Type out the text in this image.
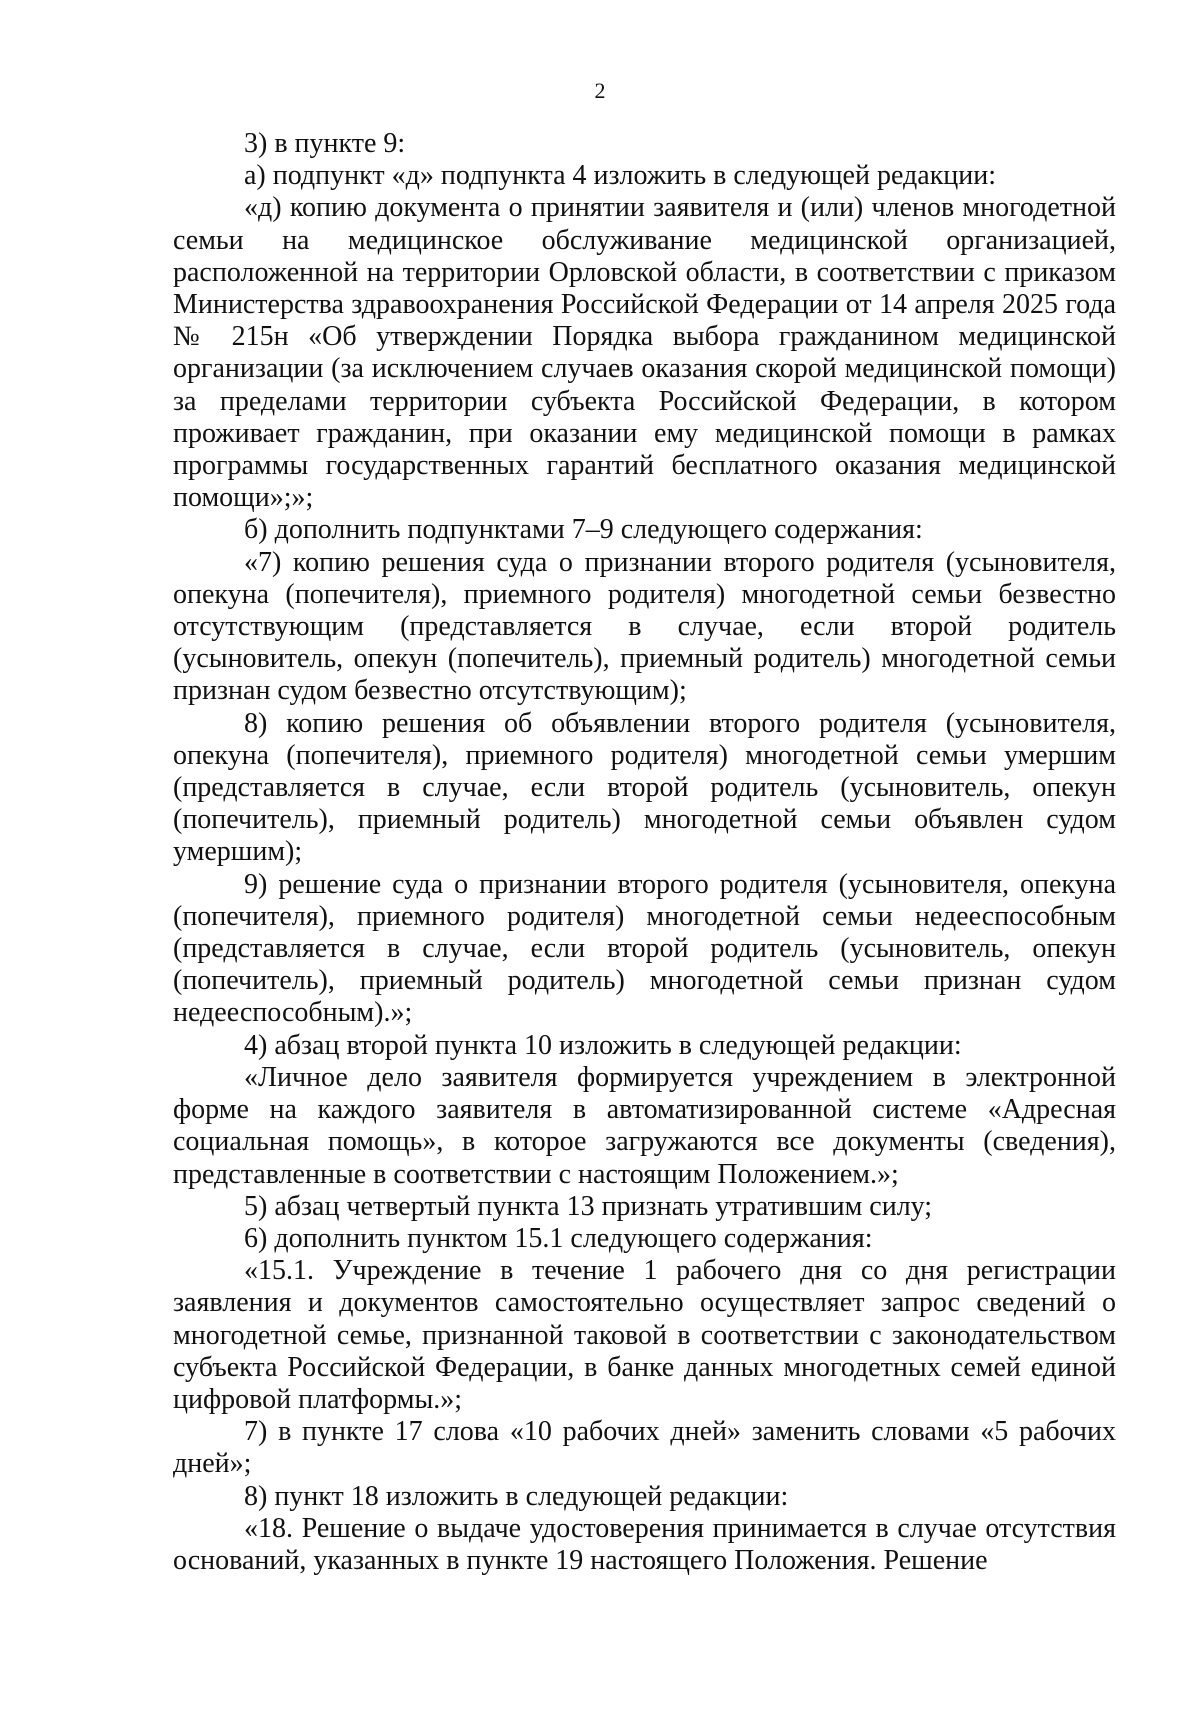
2

3) в пункте 9:

а) подпункт «д» подпункта 4 изложить в следующей редакции:

«д) копию документа о принятии заявителя и (или) членов многодетной семьи на медицинское обслуживание медицинской организацией, расположенной на территории Орловской области, в соответствии с приказом Министерства здравоохранения Российской Федерации от 14 апреля 2025 года № 215н «Об утверждении Порядка выбора гражданином медицинской организации (за исключением случаев оказания скорой медицинской помощи) за пределами территории субъекта Российской Федерации, в котором проживает гражданин, при оказании ему медицинской помощи в рамках программы государственных гарантий бесплатного оказания медицинской помощи»;»;

б) дополнить подпунктами 7–9 следующего содержания:

«7) копию решения суда о признании второго родителя (усыновителя, опекуна (попечителя), приемного родителя) многодетной семьи безвестно отсутствующим (представляется в случае, если второй родитель (усыновитель, опекун (попечитель), приемный родитель) многодетной семьи признан судом безвестно отсутствующим);

8) копию решения об объявлении второго родителя (усыновителя, опекуна (попечителя), приемного родителя) многодетной семьи умершим (представляется в случае, если второй родитель (усыновитель, опекун (попечитель), приемный родитель) многодетной семьи объявлен судом умершим);

9) решение суда о признании второго родителя (усыновителя, опекуна (попечителя), приемного родителя) многодетной семьи недееспособным (представляется в случае, если второй родитель (усыновитель, опекун (попечитель), приемный родитель) многодетной семьи признан судом недееспособным).»;

4) абзац второй пункта 10 изложить в следующей редакции:

«Личное дело заявителя формируется учреждением в электронной форме на каждого заявителя в автоматизированной системе «Адресная социальная помощь», в которое загружаются все документы (сведения), представленные в соответствии с настоящим Положением.»;

5) абзац четвертый пункта 13 признать утратившим силу;

6) дополнить пунктом 15.1 следующего содержания:

«15.1. Учреждение в течение 1 рабочего дня со дня регистрации заявления и документов самостоятельно осуществляет запрос сведений о многодетной семье, признанной таковой в соответствии с законодательством субъекта Российской Федерации, в банке данных многодетных семей единой цифровой платформы.»;

7) в пункте 17 слова «10 рабочих дней» заменить словами «5 рабочих дней»;

8) пункт 18 изложить в следующей редакции:

«18. Решение о выдаче удостоверения принимается в случае отсутствия оснований, указанных в пункте 19 настоящего Положения. Решение
